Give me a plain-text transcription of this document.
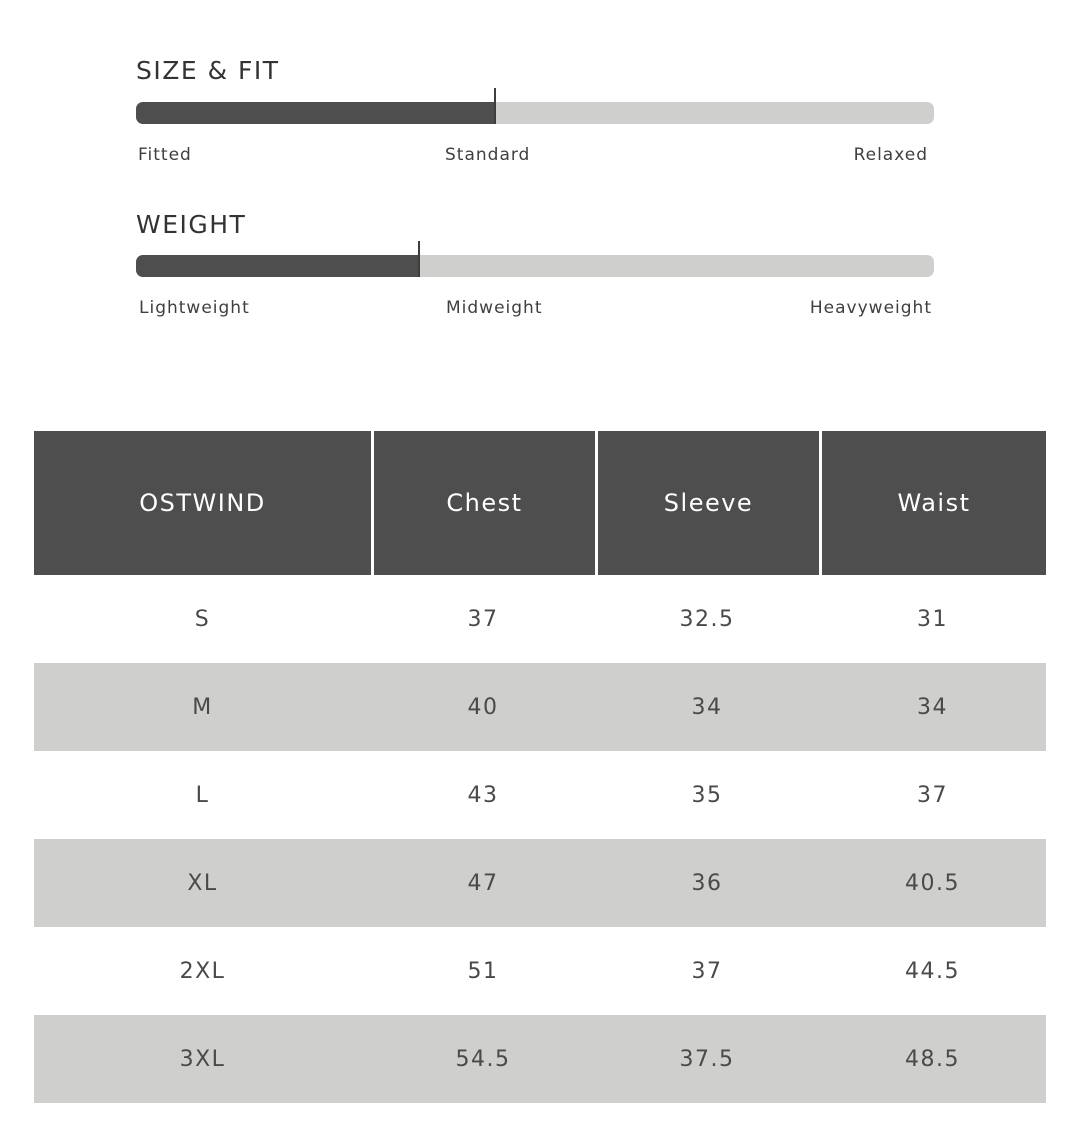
SIZE & FIT
Fitted	Standard	Relaxed
WEIGHT
Lightweight	Midweight	Heavyweight
OSTWIND	Chest	Sleeve	Waist
S	37	32.5	31
M	40	34	34
L	43	35	37
XL	47	36	40.5
2XL	51	37	44.5
3XL	54.5	37.5	48.5
